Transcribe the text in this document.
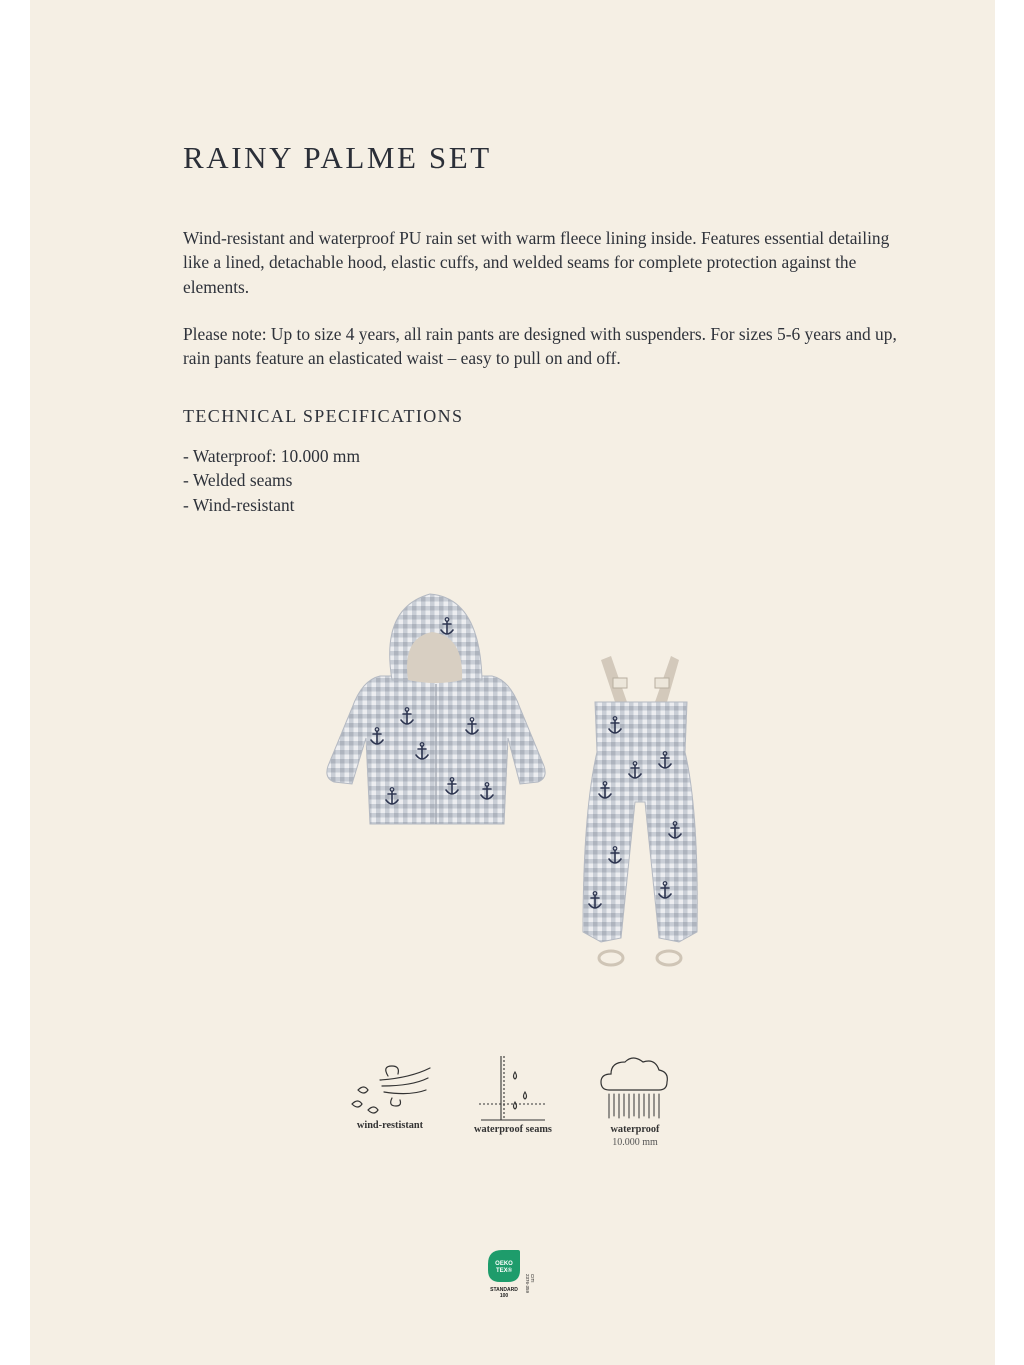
RAINY PALME SET

Wind-resistant and waterproof PU rain set with warm fleece lining inside. Features essential detailing like a lined, detachable hood, elastic cuffs, and welded seams for complete protection against the elements.

Please note: Up to size 4 years, all rain pants are designed with suspenders. For sizes 5-6 years and up, rain pants feature an elasticated waist – easy to pull on and off.

TECHNICAL SPECIFICATIONS
- Waterproof: 10.000 mm
- Welded seams
- Wind-resistant
wind-restistant	waterproof seams	waterproof
10.000 mm
OEKO
TEX®
STANDARD
100
2376-359 CITI
